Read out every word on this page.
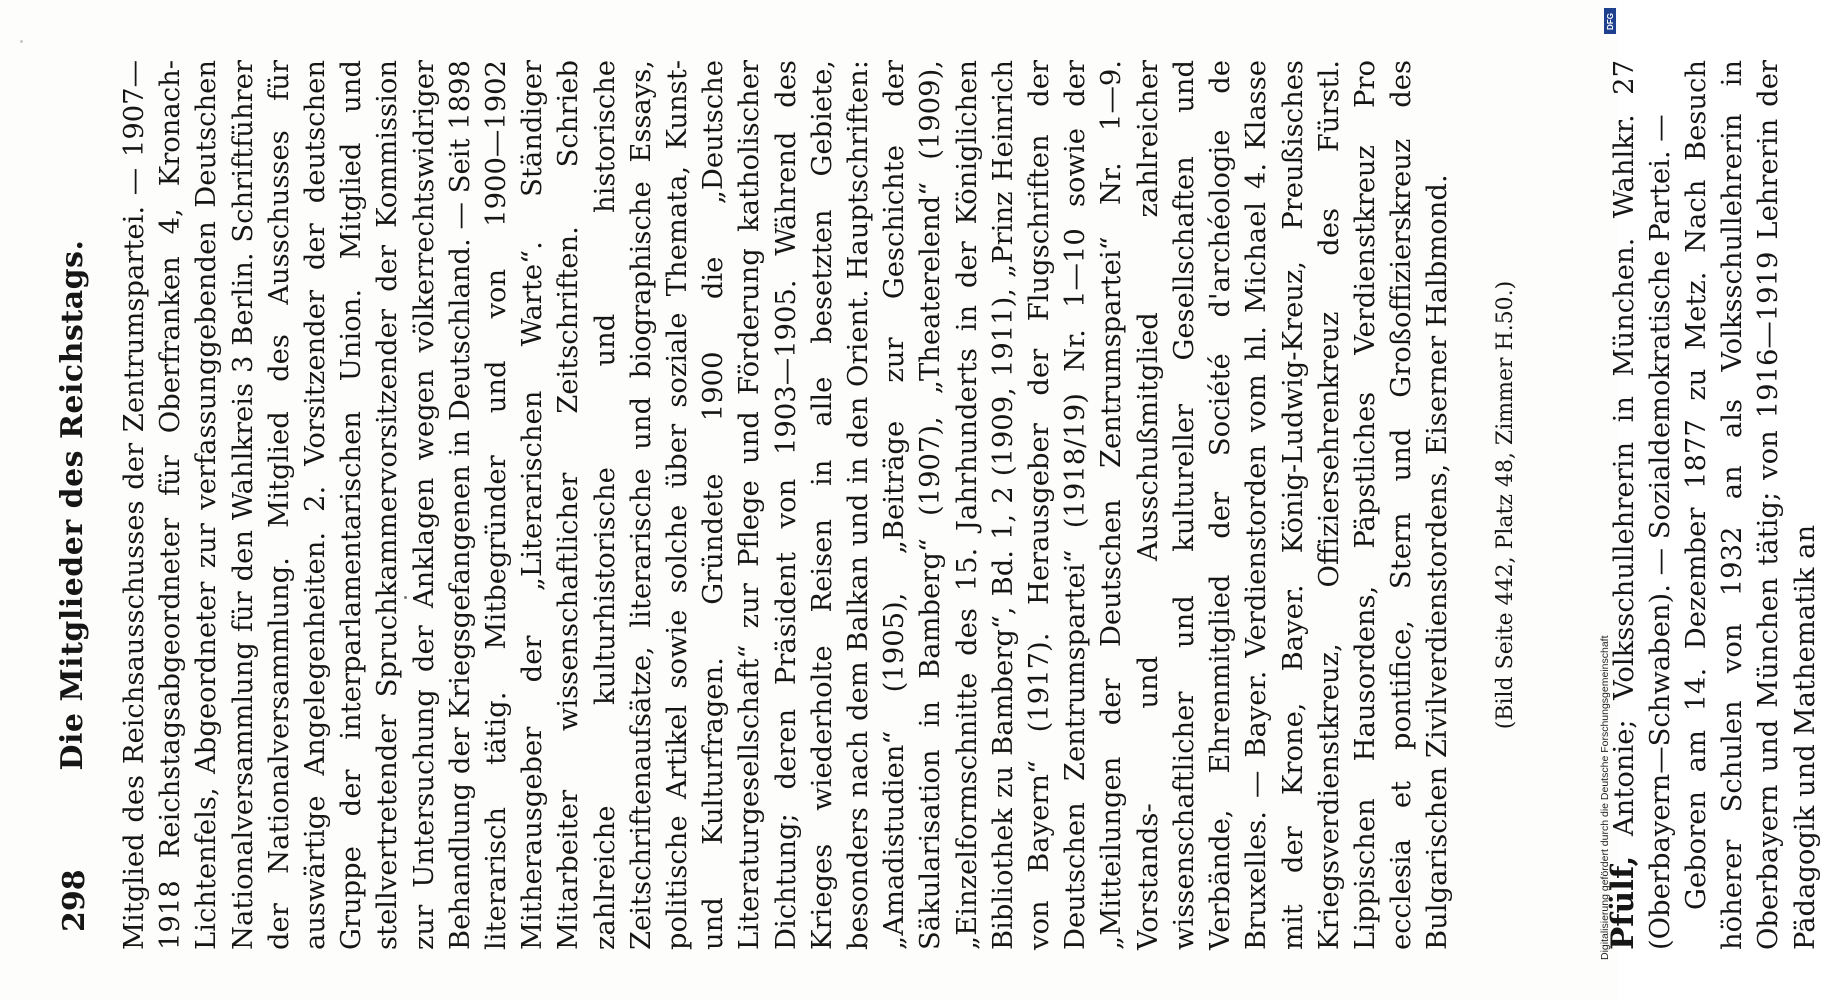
298
Die Mitglieder des Reichstags. Mitglied des Reichsausschusses der Zentrumspartei. — 1907—1918 Reichstagsabgeordneter für Oberfranken 4, Kronach-Lichtenfels, Abgeordneter zur verfassunggebenden Deutschen Nationalversammlung für den Wahlkreis 3 Berlin. Schriftführer der Nationalversammlung. Mitglied des Ausschusses für auswärtige Angelegenheiten. 2. Vorsitzender der deutschen Gruppe der interparlamentarischen Union. Mitglied und stellvertretender Spruchkammervorsitzender der Kommission zur Untersuchung der Anklagen wegen völkerrechtswidriger Behandlung der Kriegsgefangenen in Deutschland. — Seit 1898 literarisch tätig. Mitbegründer und von 1900—1902 Mitherausgeber der „Literarischen Warte“. Ständiger Mitarbeiter wissenschaftlicher Zeitschriften. Schrieb zahlreiche kulturhistorische und historische Zeitschriftenaufsätze, literarische und biographische Essays, politische Artikel sowie solche über soziale Themata, Kunst- und Kulturfragen. Gründete 1900 die „Deutsche Literaturgesellschaft“ zur Pflege und Förderung katholischer Dichtung; deren Präsident von 1903—1905. Während des Krieges wiederholte Reisen in alle besetzten Gebiete, besonders nach dem Balkan und in den Orient. Hauptschriften: „Amadistudien“ (1905), „Beiträge zur Geschichte der Säkularisation in Bamberg“ (1907), „Theaterelend“ (1909), „Einzelformschnitte des 15. Jahrhunderts in der Königlichen Bibliothek zu Bamberg“, Bd. 1, 2 (1909, 1911), „Prinz Heinrich von Bayern“ (1917). Herausgeber der Flugschriften der Deutschen Zentrumspartei“ (1918/19) Nr. 1—10 sowie der „Mitteilungen der Deutschen Zentrumspartei“ Nr. 1—9. Vorstands- und Ausschußmitglied zahlreicher wissenschaftlicher und kultureller Gesellschaften und Verbände, Ehrenmitglied der Société d'archéologie de Bruxelles. — Bayer. Verdienstorden vom hl. Michael 4. Klasse mit der Krone, Bayer. König-Ludwig-Kreuz, Preußisches Kriegsverdienstkreuz, Offiziersehrenkreuz des Fürstl. Lippischen Hausordens, Päpstliches Verdienstkreuz Pro ecclesia et pontifice, Stern und Großoffizierskreuz des Bulgarischen Zivilverdienstordens, Eiserner Halbmond. (Bild Seite 442, Platz 48, Zimmer H.50.)

Pfülf, Antonie; Volksschullehrerin in München. Wahlkr. 27 (Oberbayern—Schwaben). — Sozialdemokratische Partei. — Geboren am 14. Dezember 1877 zu Metz. Nach Besuch höherer Schulen von 1932 an als Volksschullehrerin in Oberbayern und München tätig; von 1916—1919 Lehrerin der Pädagogik und Mathematik an

Digitalisierung gefördert durch die Deutsche Forschungsgemeinschaft
DFG
